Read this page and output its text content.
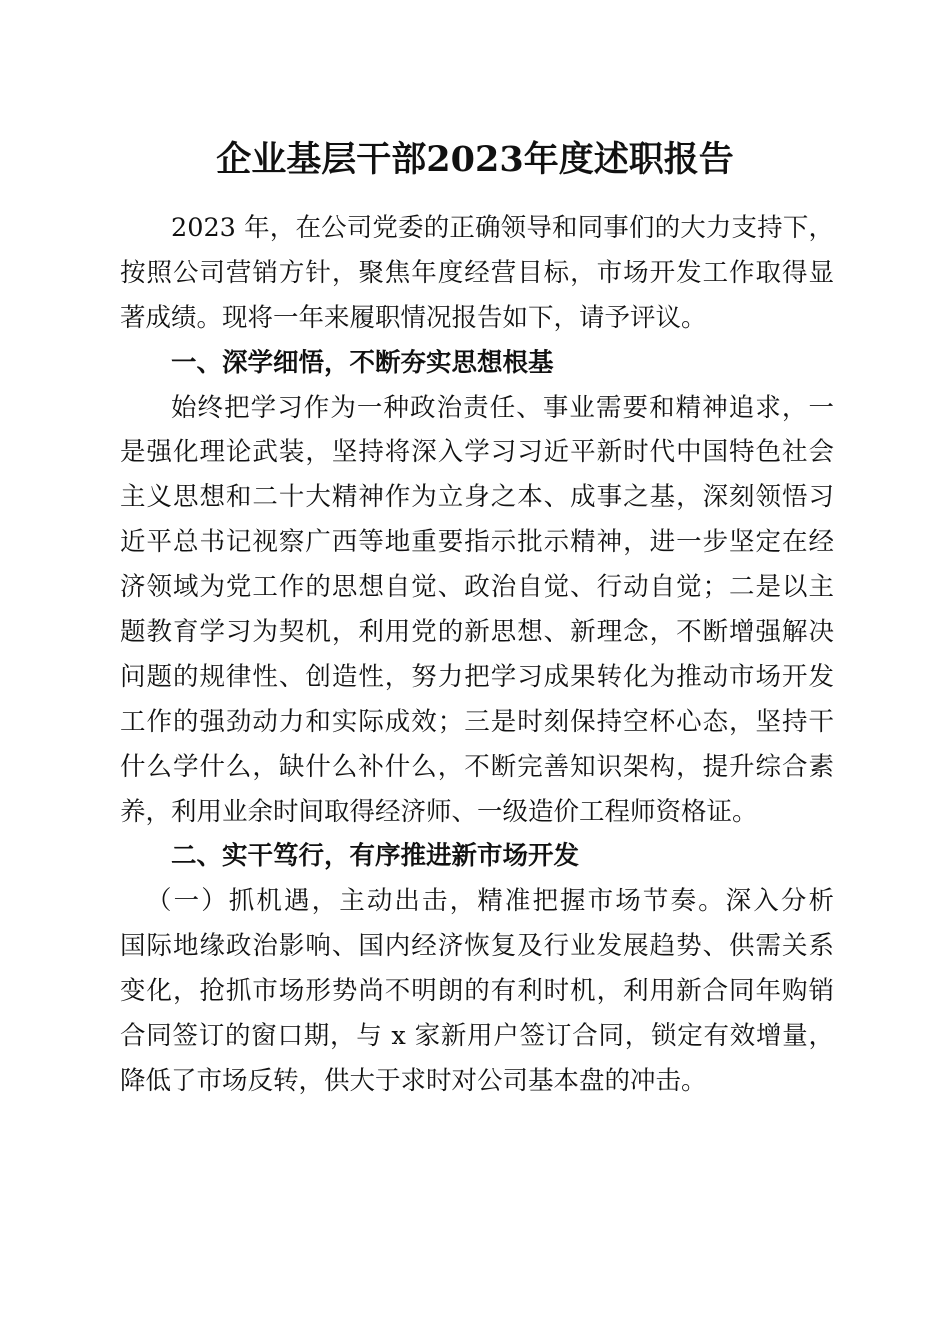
企业基层干部2023年度述职报告
2023 年，在公司党委的正确领导和同事们的大力支持下，
按照公司营销方针，聚焦年度经营目标，市场开发工作取得显
著成绩。现将一年来履职情况报告如下，请予评议。
一、深学细悟，不断夯实思想根基
始终把学习作为一种政治责任、事业需要和精神追求，一
是强化理论武装，坚持将深入学习习近平新时代中国特色社会
主义思想和二十大精神作为立身之本、成事之基，深刻领悟习
近平总书记视察广西等地重要指示批示精神，进一步坚定在经
济领域为党工作的思想自觉、政治自觉、行动自觉；二是以主
题教育学习为契机，利用党的新思想、新理念，不断增强解决
问题的规律性、创造性，努力把学习成果转化为推动市场开发
工作的强劲动力和实际成效；三是时刻保持空杯心态，坚持干
什么学什么，缺什么补什么，不断完善知识架构，提升综合素
养，利用业余时间取得经济师、一级造价工程师资格证。
二、实干笃行，有序推进新市场开发
（一）抓机遇，主动出击，精准把握市场节奏。深入分析
国际地缘政治影响、国内经济恢复及行业发展趋势、供需关系
变化，抢抓市场形势尚不明朗的有利时机，利用新合同年购销
合同签订的窗口期，与 x 家新用户签订合同，锁定有效增量，
降低了市场反转，供大于求时对公司基本盘的冲击。
